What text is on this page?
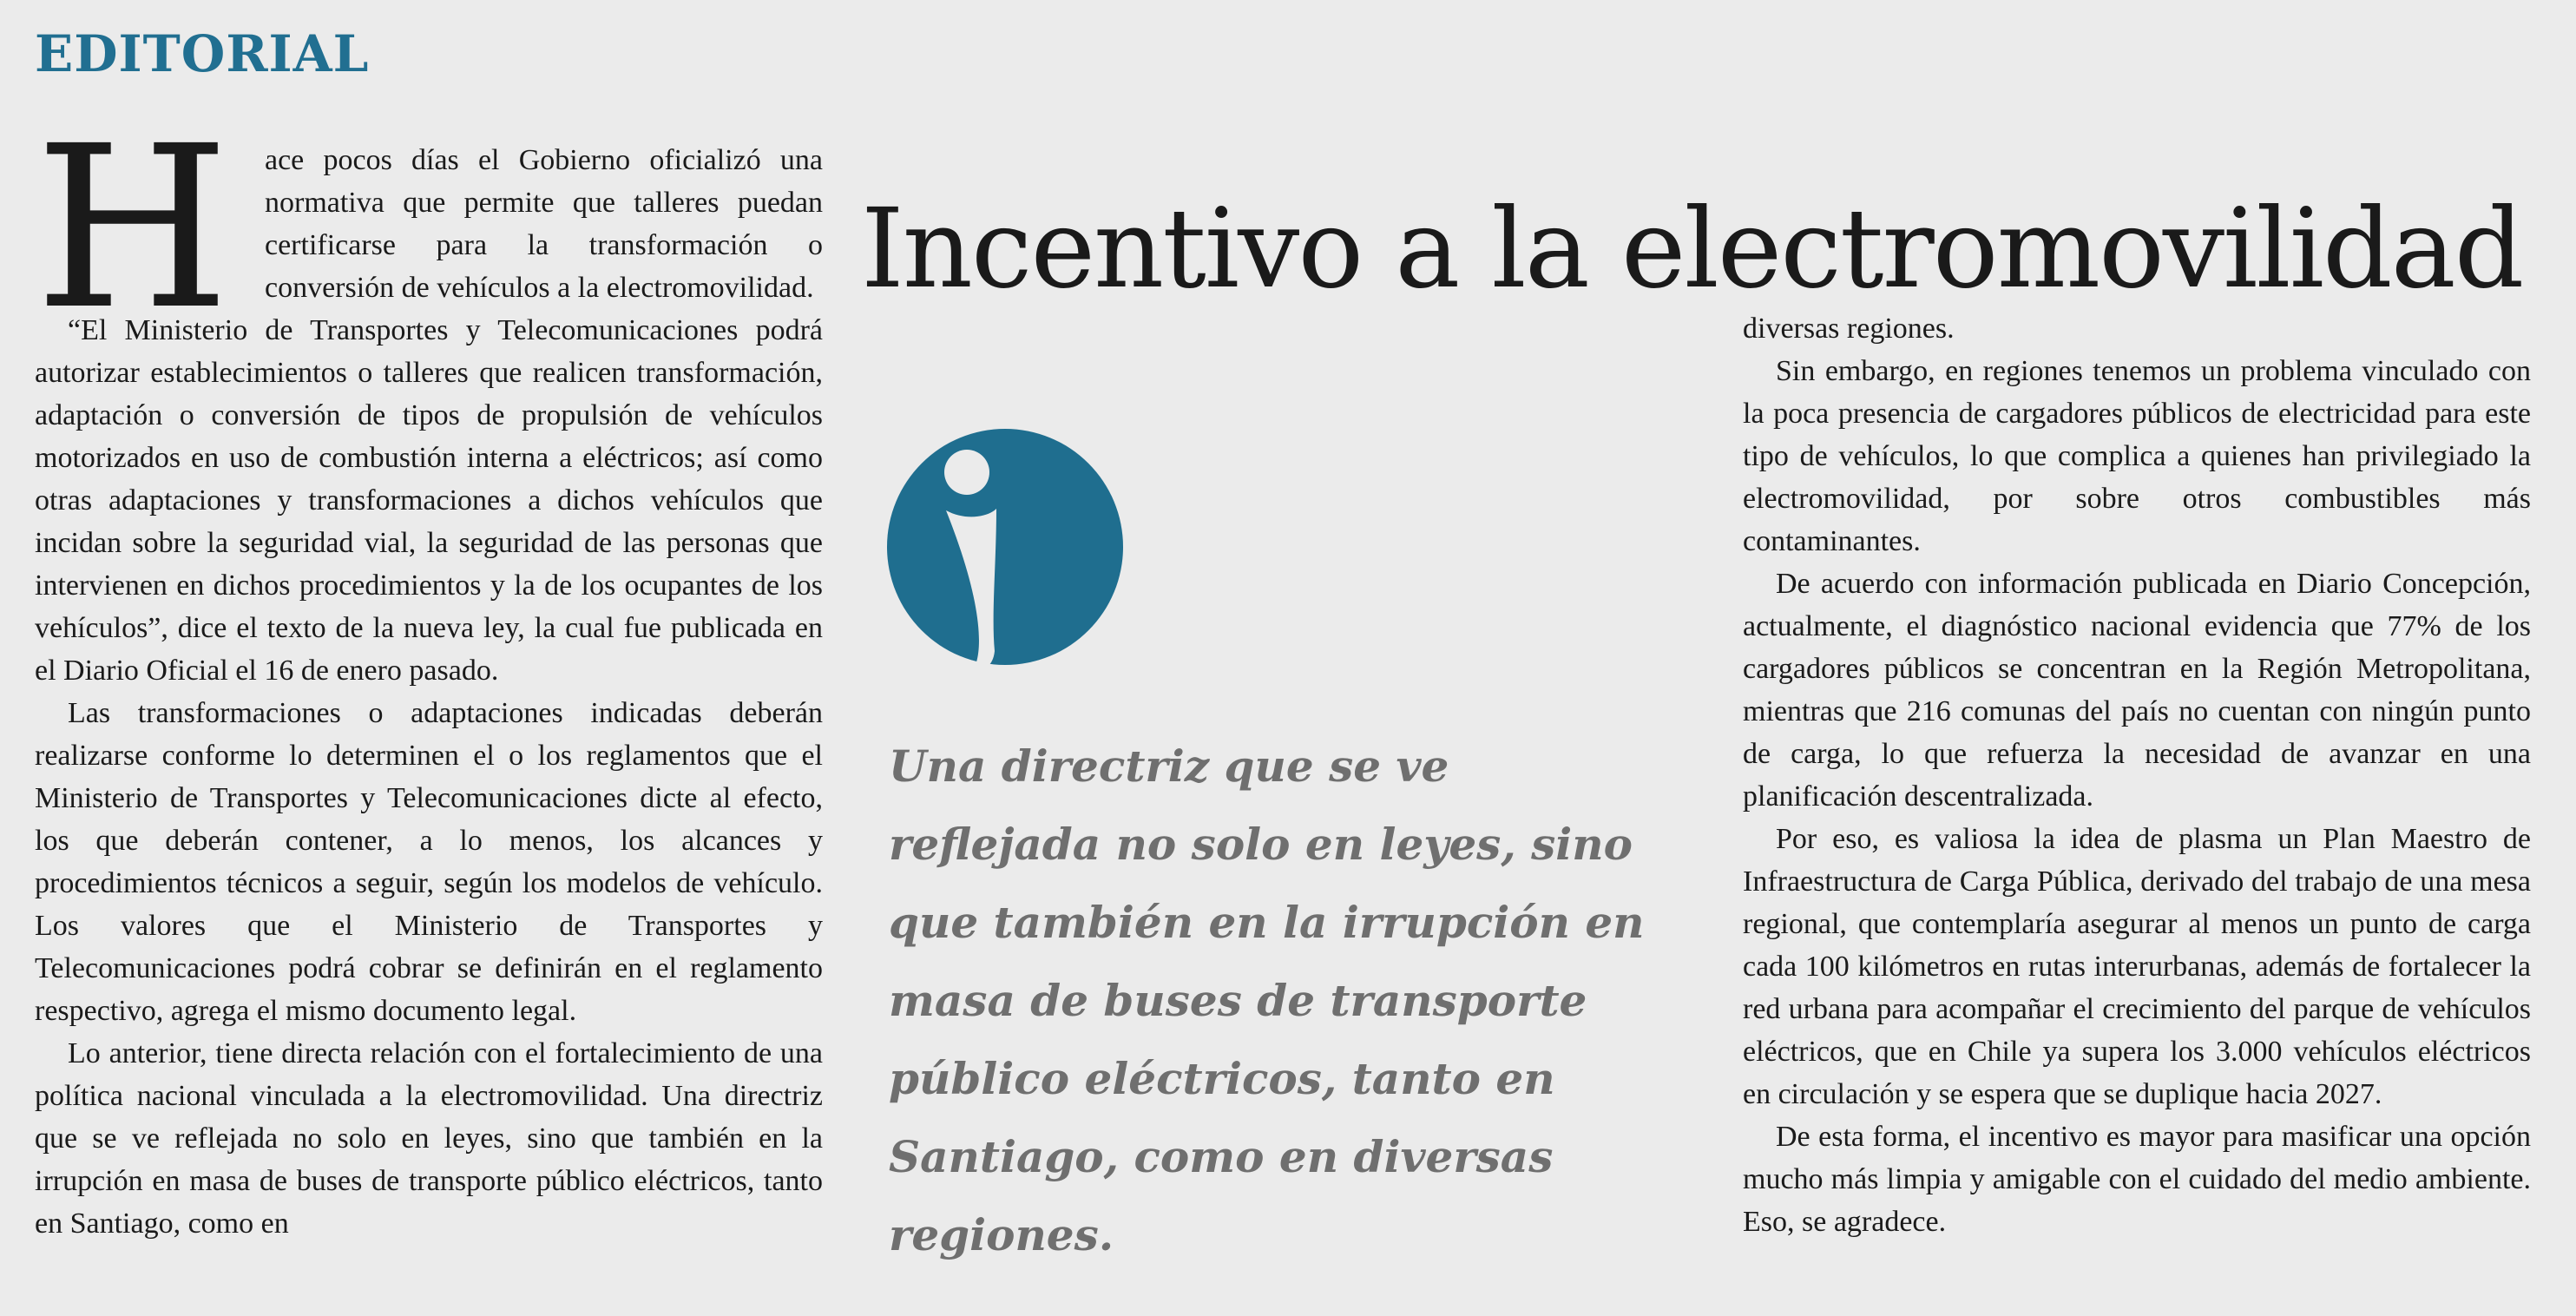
EDITORIAL
Incentivo a la electromovilidad

H ace pocos días el Gobierno oficializó una normativa que permite que talleres puedan certificarse para la transformación o conversión de vehículos a la electromovilidad.

“El Ministerio de Transportes y Telecomunicaciones podrá autorizar establecimientos o talleres que realicen transformación, adaptación o conversión de tipos de propulsión de vehículos motorizados en uso de combustión interna a eléctricos; así como otras adaptaciones y transformaciones a dichos vehículos que incidan sobre la seguridad vial, la seguridad de las personas que intervienen en dichos procedimientos y la de los ocupantes de los vehículos”, dice el texto de la nueva ley, la cual fue publicada en el Diario Oficial el 16 de enero pasado.

Las transformaciones o adaptaciones indicadas deberán realizarse conforme lo determinen el o los reglamentos que el Ministerio de Transportes y Telecomunicaciones dicte al efecto, los que deberán contener, a lo menos, los alcances y procedimientos técnicos a seguir, según los modelos de vehículo. Los valores que el Ministerio de Transportes y Telecomunicaciones podrá cobrar se definirán en el reglamento respectivo, agrega el mismo documento legal.

Lo anterior, tiene directa relación con el fortalecimiento de una política nacional vinculada a la electromovilidad. Una directriz que se ve reflejada no solo en leyes, sino que también en la irrupción en masa de buses de transporte público eléctricos, tanto en Santiago, como en

Una directriz que se ve reflejada no solo en leyes, sino que también en la irrupción en masa de buses de transporte público eléctricos, tanto en Santiago, como en diversas regiones.

diversas regiones.

Sin embargo, en regiones tenemos un problema vinculado con la poca presencia de cargadores públicos de electricidad para este tipo de vehículos, lo que complica a quienes han privilegiado la electromovilidad, por sobre otros combustibles más contaminantes.

De acuerdo con información publicada en Diario Concepción, actualmente, el diagnóstico nacional evidencia que 77% de los cargadores públicos se concentran en la Región Metropolitana, mientras que 216 comunas del país no cuentan con ningún punto de carga, lo que refuerza la necesidad de avanzar en una planificación descentralizada.

Por eso, es valiosa la idea de plasma un Plan Maestro de Infraestructura de Carga Pública, derivado del trabajo de una mesa regional, que contemplaría asegurar al menos un punto de carga cada 100 kilómetros en rutas interurbanas, además de fortalecer la red urbana para acompañar el crecimiento del parque de vehículos eléctricos, que en Chile ya supera los 3.000 vehículos eléctricos en circulación y se espera que se duplique hacia 2027.

De esta forma, el incentivo es mayor para masificar una opción mucho más limpia y amigable con el cuidado del medio ambiente. Eso, se agradece.
